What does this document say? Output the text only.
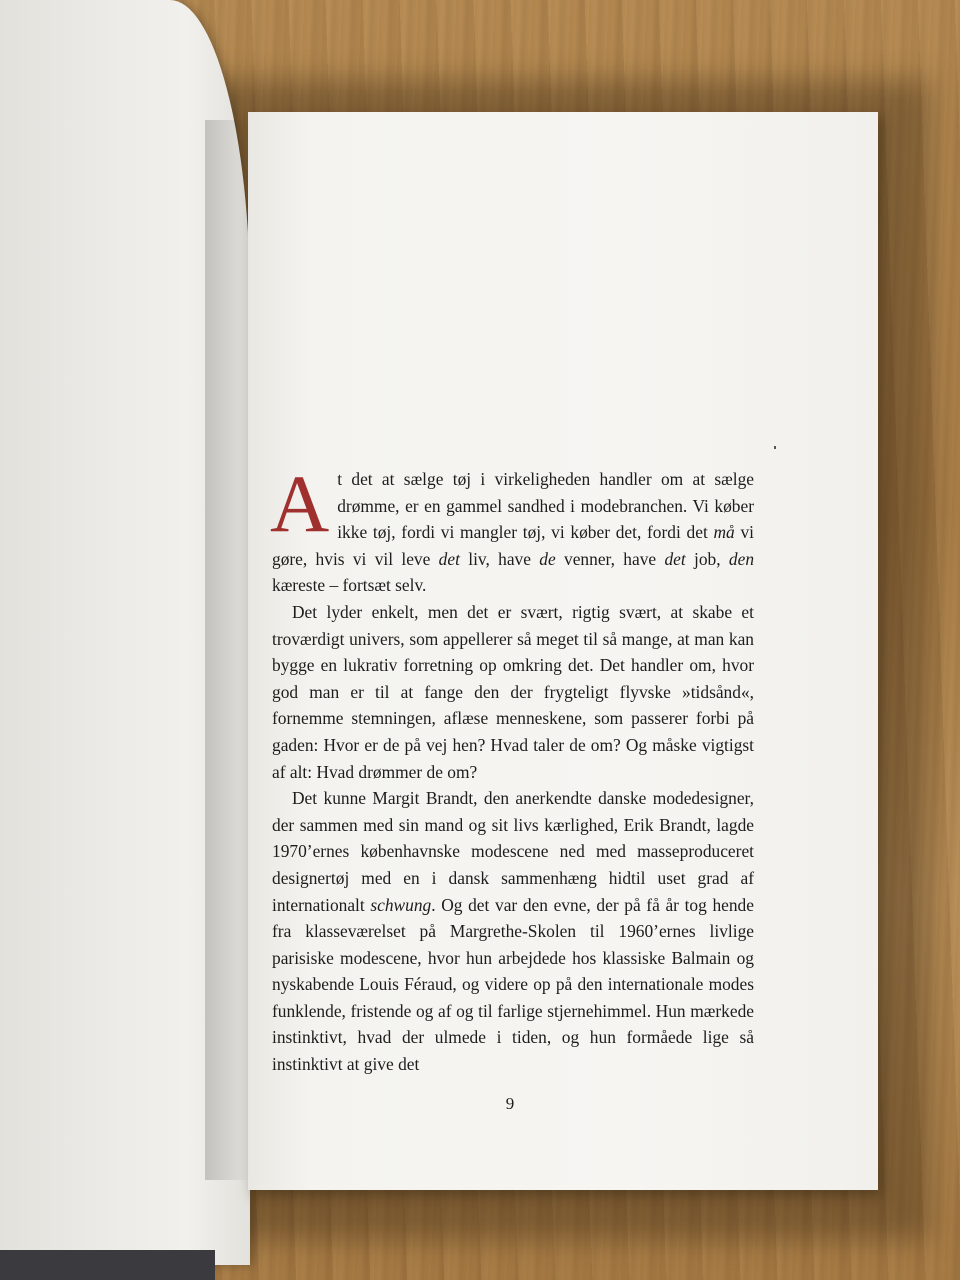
At det at sælge tøj i virkeligheden handler om at sælge drømme, er en gammel sandhed i modebranchen. Vi køber ikke tøj, fordi vi mangler tøj, vi køber det, fordi det må vi gøre, hvis vi vil leve det liv, have de venner, have det job, den kæreste – fortsæt selv.

Det lyder enkelt, men det er svært, rigtig svært, at skabe et troværdigt univers, som appellerer så meget til så mange, at man kan bygge en lukrativ forretning op omkring det. Det handler om, hvor god man er til at fange den der frygteligt flyvske »tidsånd«, fornemme stemningen, aflæse menneskene, som passerer forbi på gaden: Hvor er de på vej hen? Hvad taler de om? Og måske vigtigst af alt: Hvad drømmer de om?

Det kunne Margit Brandt, den anerkendte danske modedesigner, der sammen med sin mand og sit livs kærlighed, Erik Brandt, lagde 1970’ernes københavnske modescene ned med masseproduceret designertøj med en i dansk sammenhæng hidtil uset grad af internationalt schwung. Og det var den evne, der på få år tog hende fra klasseværelset på Margrethe-Skolen til 1960’ernes livlige parisiske modescene, hvor hun arbejdede hos klassiske Balmain og nyskabende Louis Féraud, og videre op på den internationale modes funklende, fristende og af og til farlige stjernehimmel. Hun mærkede instinktivt, hvad der ulmede i tiden, og hun formåede lige så instinktivt at give det

9
